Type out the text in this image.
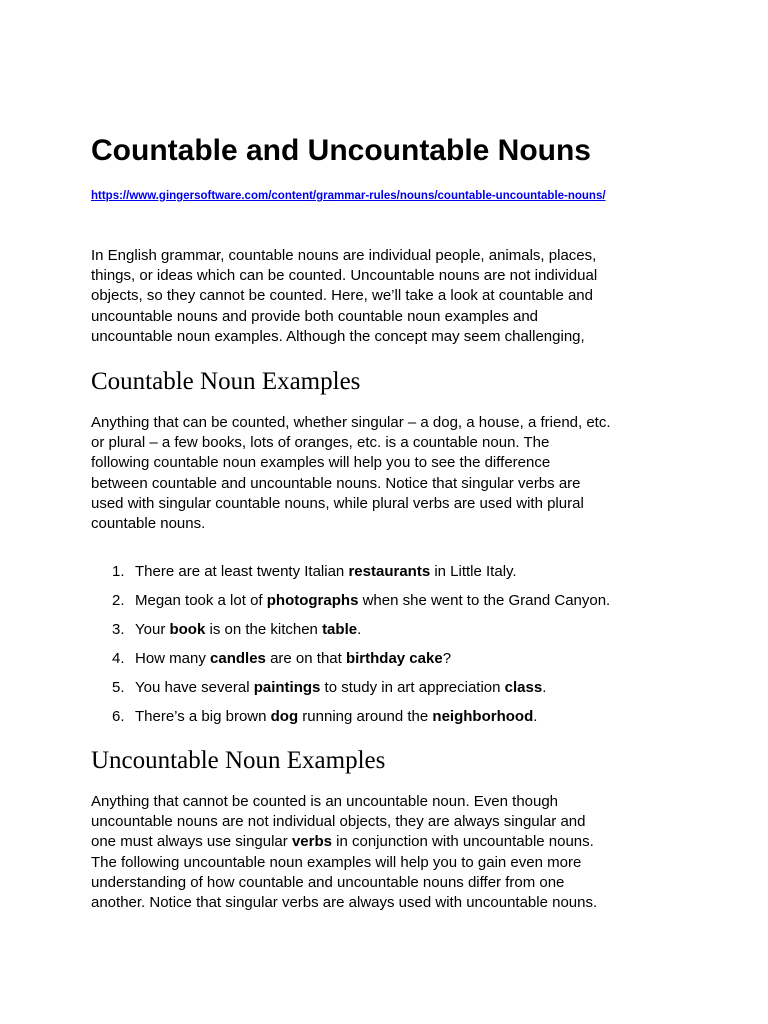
Countable and Uncountable Nouns
https://www.gingersoftware.com/content/grammar-rules/nouns/countable-uncountable-nouns/

In English grammar, countable nouns are individual people, animals, places,
things, or ideas which can be counted. Uncountable nouns are not individual
objects, so they cannot be counted. Here, we’ll take a look at countable and
uncountable nouns and provide both countable noun examples and
uncountable noun examples. Although the concept may seem challenging,

Countable Noun Examples

Anything that can be counted, whether singular – a dog, a house, a friend, etc.
or plural – a few books, lots of oranges, etc. is a countable noun. The
following countable noun examples will help you to see the difference
between countable and uncountable nouns. Notice that singular verbs are
used with singular countable nouns, while plural verbs are used with plural
countable nouns.

1. There are at least twenty Italian restaurants in Little Italy.
2. Megan took a lot of photographs when she went to the Grand Canyon.
3. Your book is on the kitchen table.
4. How many candles are on that birthday cake?
5. You have several paintings to study in art appreciation class.
6. There’s a big brown dog running around the neighborhood.
Uncountable Noun Examples

Anything that cannot be counted is an uncountable noun. Even though
uncountable nouns are not individual objects, they are always singular and
one must always use singular verbs in conjunction with uncountable nouns.
The following uncountable noun examples will help you to gain even more
understanding of how countable and uncountable nouns differ from one
another. Notice that singular verbs are always used with uncountable nouns.
